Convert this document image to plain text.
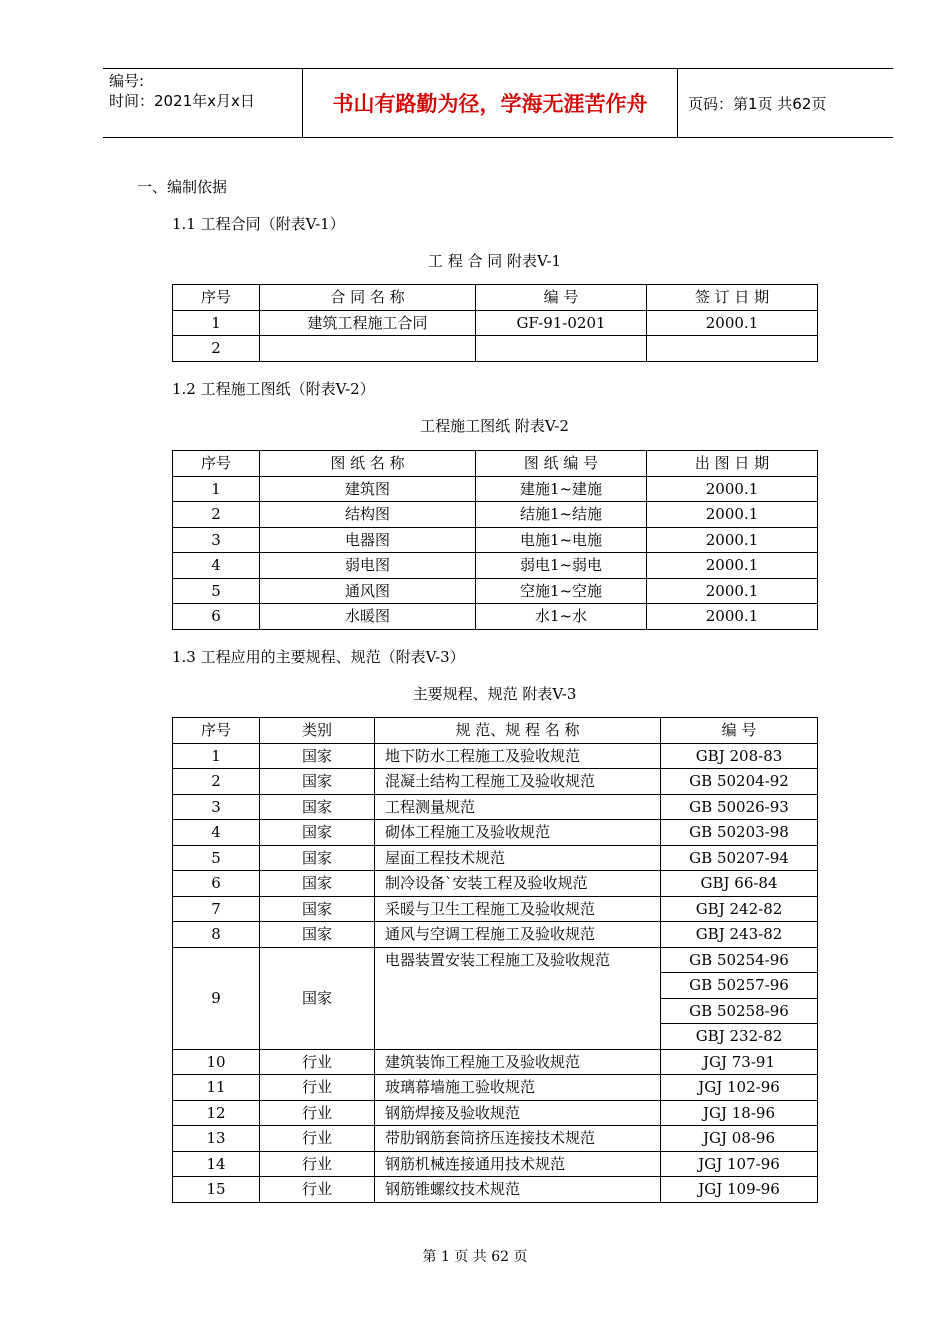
编号:
时间：2021年x月x日	书山有路勤为径，学海无涯苦作舟	页码：第1页 共62页
一、编制依据
1.1 工程合同（附表V-1）
工 程 合 同 附表V-1
序号	合 同 名 称	编 号	签 订 日 期
1	建筑工程施工合同	GF-91-0201	2000.1
2			
1.2 工程施工图纸（附表V-2）
工程施工图纸 附表V-2
序号	图 纸 名 称	图 纸 编 号	出 图 日 期
1	建筑图	建施1~建施	2000.1
2	结构图	结施1~结施	2000.1
3	电器图	电施1~电施	2000.1
4	弱电图	弱电1~弱电	2000.1
5	通风图	空施1~空施	2000.1
6	水暖图	水1~水	2000.1
1.3 工程应用的主要规程、规范（附表V-3）
主要规程、规范 附表V-3
序号	类别	规 范、规 程 名 称	编 号
1	国家	地下防水工程施工及验收规范	GBJ 208-83
2	国家	混凝土结构工程施工及验收规范	GB 50204-92
3	国家	工程测量规范	GB 50026-93
4	国家	砌体工程施工及验收规范	GB 50203-98
5	国家	屋面工程技术规范	GB 50207-94
6	国家	制冷设备`安装工程及验收规范	GBJ 66-84
7	国家	采暖与卫生工程施工及验收规范	GBJ 242-82
8	国家	通风与空调工程施工及验收规范	GBJ 243-82
9	国家	电器装置安装工程施工及验收规范	GB 50254-96
			GB 50257-96
			GB 50258-96
			GBJ 232-82
10	行业	建筑装饰工程施工及验收规范	JGJ 73-91
11	行业	玻璃幕墙施工验收规范	JGJ 102-96
12	行业	钢筋焊接及验收规范	JGJ 18-96
13	行业	带肋钢筋套筒挤压连接技术规范	JGJ 08-96
14	行业	钢筋机械连接通用技术规范	JGJ 107-96
15	行业	钢筋锥螺纹技术规范	JGJ 109-96
第 1 页 共 62 页
